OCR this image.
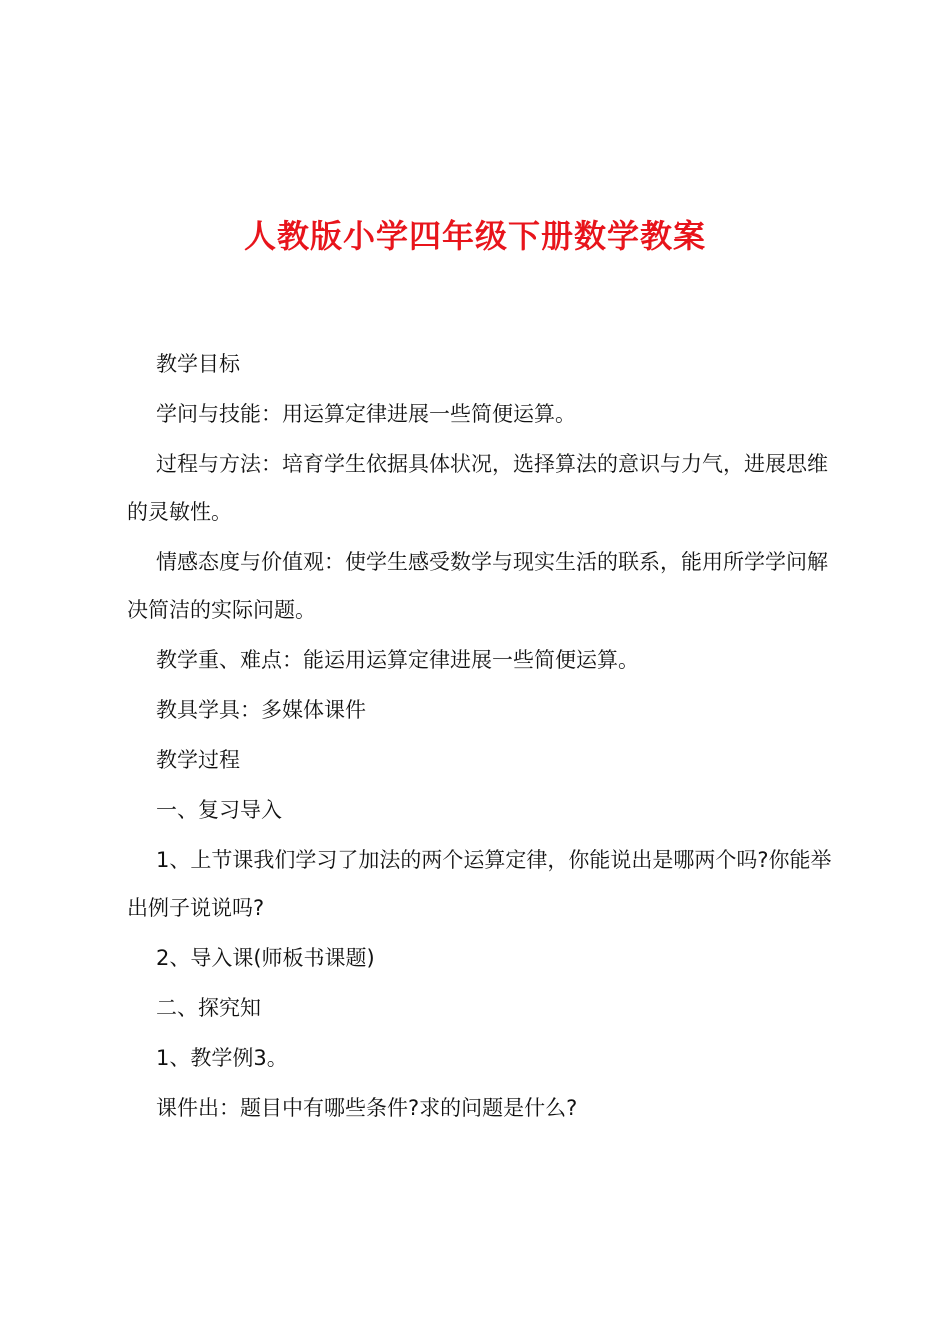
人教版小学四年级下册数学教案

教学目标

学问与技能：用运算定律进展一些简便运算。

过程与方法：培育学生依据具体状况，选择算法的意识与力气，进展思维的灵敏性。

情感态度与价值观：使学生感受数学与现实生活的联系，能用所学学问解决简洁的实际问题。

教学重、难点：能运用运算定律进展一些简便运算。

教具学具：多媒体课件

教学过程

一、复习导入

1、上节课我们学习了加法的两个运算定律，你能说出是哪两个吗?你能举出例子说说吗?

2、导入课(师板书课题)

二、探究知

1、教学例3。

课件出：题目中有哪些条件?求的问题是什么?
